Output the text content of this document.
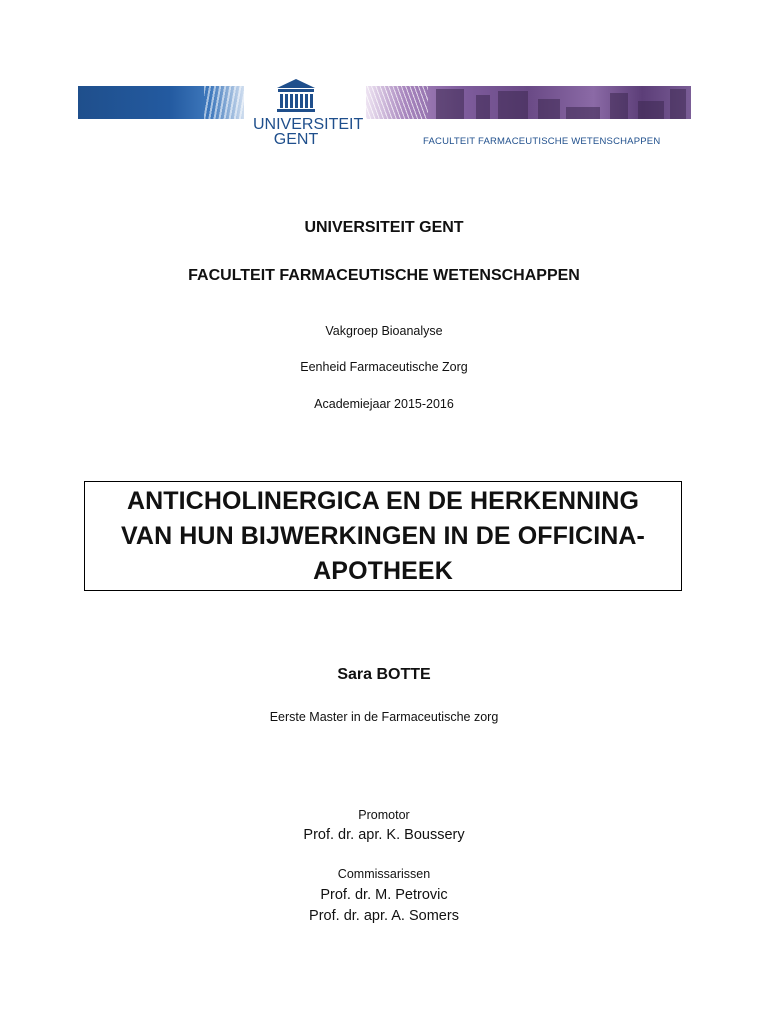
UNIVERSITEIT
GENT	FACULTEIT FARMACEUTISCHE WETENSCHAPPEN
UNIVERSITEIT GENT
FACULTEIT FARMACEUTISCHE WETENSCHAPPEN
Vakgroep Bioanalyse
Eenheid Farmaceutische Zorg
Academiejaar 2015-2016
ANTICHOLINERGICA EN DE HERKENNING
VAN HUN BIJWERKINGEN IN DE OFFICINA-
APOTHEEK
Sara BOTTE
Eerste Master in de Farmaceutische zorg
Promotor
Prof. dr. apr. K. Boussery
Commissarissen
Prof. dr. M. Petrovic
Prof. dr. apr. A. Somers
